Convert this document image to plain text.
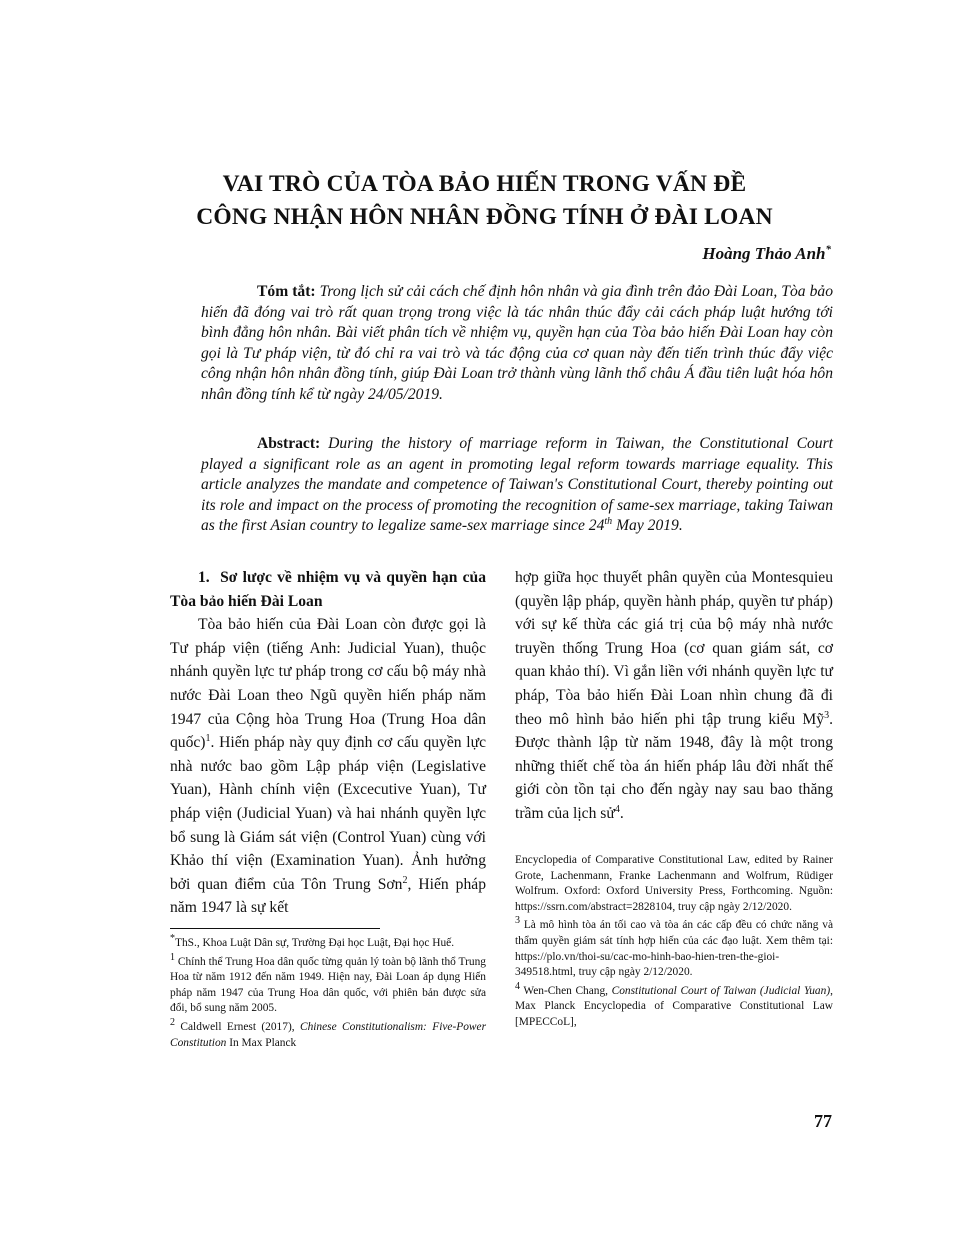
VAI TRÒ CỦA TÒA BẢO HIẾN TRONG VẤN ĐỀ
CÔNG NHẬN HÔN NHÂN ĐỒNG TÍNH Ở ĐÀI LOAN
Hoàng Thảo Anh*

Tóm tắt: Trong lịch sử cải cách chế định hôn nhân và gia đình trên đảo Đài Loan, Tòa bảo hiến đã đóng vai trò rất quan trọng trong việc là tác nhân thúc đẩy cải cách pháp luật hướng tới bình đẳng hôn nhân. Bài viết phân tích về nhiệm vụ, quyền hạn của Tòa bảo hiến Đài Loan hay còn gọi là Tư pháp viện, từ đó chỉ ra vai trò và tác động của cơ quan này đến tiến trình thúc đẩy việc công nhận hôn nhân đồng tính, giúp Đài Loan trở thành vùng lãnh thổ châu Á đầu tiên luật hóa hôn nhân đồng tính kể từ ngày 24/05/2019.

Abstract: During the history of marriage reform in Taiwan, the Constitutional Court played a significant role as an agent in promoting legal reform towards marriage equality. This article analyzes the mandate and competence of Taiwan's Constitutional Court, thereby pointing out its role and impact on the process of promoting the recognition of same-sex marriage, taking Taiwan as the first Asian country to legalize same-sex marriage since 24th May 2019.

1. Sơ lược về nhiệm vụ và quyền hạn của Tòa bảo hiến Đài Loan

Tòa bảo hiến của Đài Loan còn được gọi là Tư pháp viện (tiếng Anh: Judicial Yuan), thuộc nhánh quyền lực tư pháp trong cơ cấu bộ máy nhà nước Đài Loan theo Ngũ quyền hiến pháp năm 1947 của Cộng hòa Trung Hoa (Trung Hoa dân quốc)$^1$. Hiến pháp này quy định cơ cấu quyền lực nhà nước bao gồm Lập pháp viện (Legislative Yuan), Hành chính viện (Excecutive Yuan), Tư pháp viện (Judicial Yuan) và hai nhánh quyền lực bổ sung là Giám sát viện (Control Yuan) cùng với Khảo thí viện (Examination Yuan). Ảnh hưởng bởi quan điểm của Tôn Trung Sơn$^2$, Hiến pháp năm 1947 là sự kết

hợp giữa học thuyết phân quyền của Montesquieu (quyền lập pháp, quyền hành pháp, quyền tư pháp) với sự kế thừa các giá trị của bộ máy nhà nước truyền thống Trung Hoa (cơ quan giám sát, cơ quan khảo thí). Vì gắn liền với nhánh quyền lực tư pháp, Tòa bảo hiến Đài Loan nhìn chung đã đi theo mô hình bảo hiến phi tập trung kiểu Mỹ$^3$. Được thành lập từ năm 1948, đây là một trong những thiết chế tòa án hiến pháp lâu đời nhất thế giới còn tồn tại cho đến ngày nay sau bao thăng trầm của lịch sử$^4$.

*ThS., Khoa Luật Dân sự, Trường Đại học Luật, Đại học Huế.

$^1$ Chính thể Trung Hoa dân quốc từng quản lý toàn bộ lãnh thổ Trung Hoa từ năm 1912 đến năm 1949. Hiện nay, Đài Loan áp dụng Hiến pháp năm 1947 của Trung Hoa dân quốc, với phiên bản được sửa đổi, bổ sung năm 2005.

$^2$ Caldwell Ernest (2017), Chinese Constitutionalism: Five-Power Constitution In Max Planck

Encyclopedia of Comparative Constitutional Law, edited by Rainer Grote, Lachenmann, Franke Lachenmann and Wolfrum, Rüdiger Wolfrum. Oxford: Oxford University Press, Forthcoming. Nguồn: https://ssrn.com/abstract=2828104, truy cập ngày 2/12/2020.

$^3$ Là mô hình tòa án tối cao và tòa án các cấp đều có chức năng và thẩm quyền giám sát tính hợp hiến của các đạo luật. Xem thêm tại: https://plo.vn/thoi-su/cac-mo-hinh-bao-hien-tren-the-gioi-349518.html, truy cập ngày 2/12/2020.

$^4$ Wen-Chen Chang, Constitutional Court of Taiwan (Judicial Yuan), Max Planck Encyclopedia of Comparative Constitutional Law [MPECCoL],

77
